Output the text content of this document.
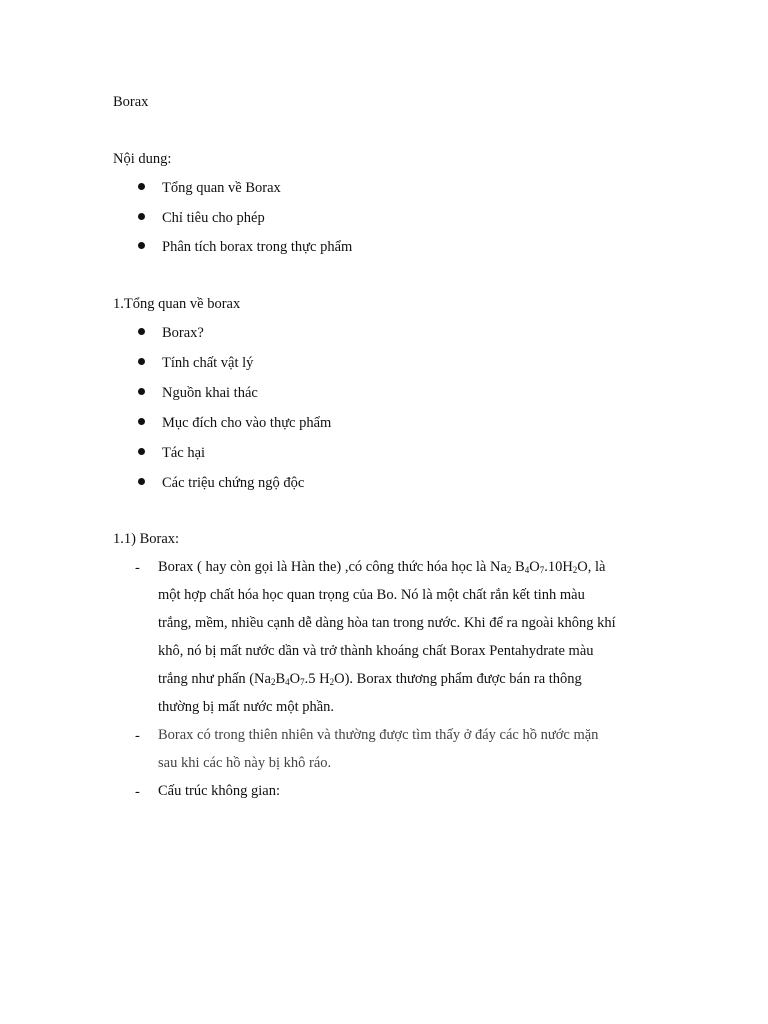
Borax
Nội dung:
Tổng quan về Borax
Chỉ tiêu cho phép
Phân tích borax trong thực phẩm
1.Tổng quan về borax
Borax?
Tính chất vật lý
Nguồn khai thác
Mục đích cho vào thực phẩm
Tác hại
Các triệu chứng ngộ độc
1.1) Borax:
-
-
-
Borax ( hay còn gọi là Hàn the) ,có công thức hóa học là $Na_2$ $B_4O_7.10H_2O$, là
một hợp chất hóa học quan trọng của Bo. Nó là một chất rắn kết tinh màu
trắng, mềm, nhiều cạnh dễ dàng hòa tan trong nước. Khi để ra ngoài không khí
khô, nó bị mất nước dần và trở thành khoáng chất Borax Pentahydrate màu
trắng như phấn ($Na_2B_4O_7.5$ $H_2O$). Borax thương phẩm được bán ra thông
thường bị mất nước một phần.
Borax có trong thiên nhiên và thường được tìm thấy ở đáy các hồ nước mặn
sau khi các hồ này bị khô ráo.
Cấu trúc không gian:
